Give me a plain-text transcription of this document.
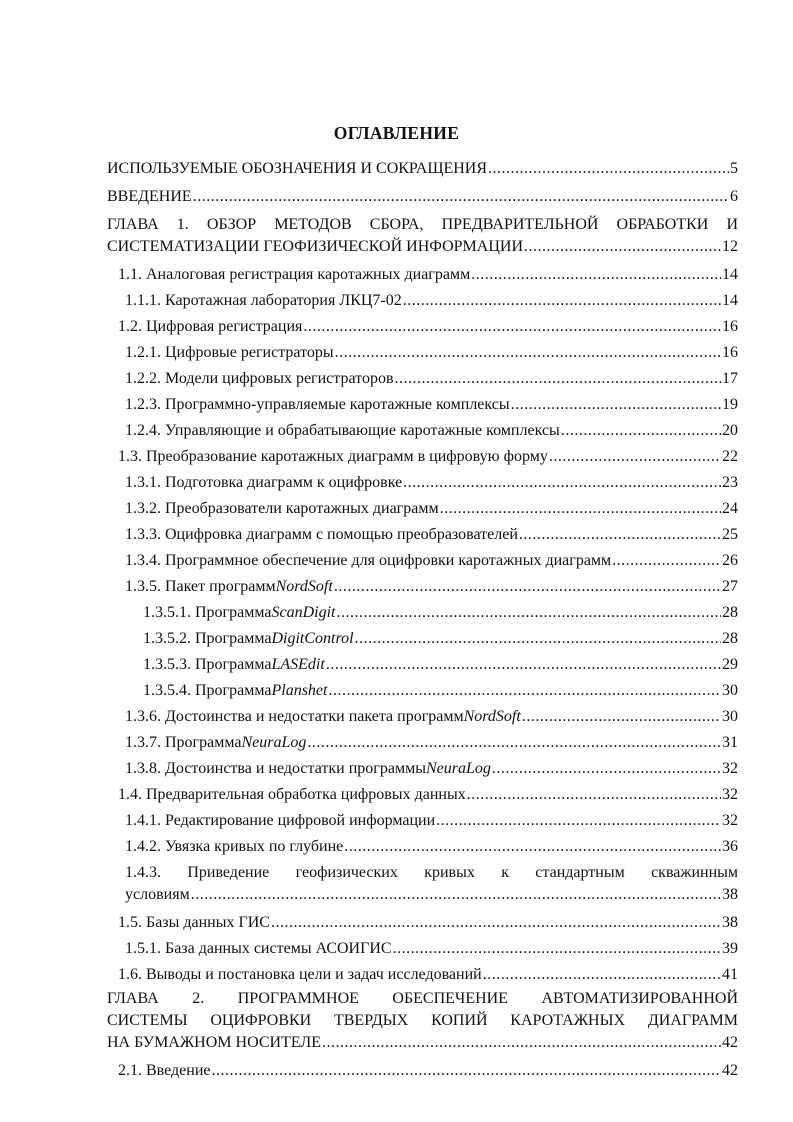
ОГЛАВЛЕНИЕ
ИСПОЛЬЗУЕМЫЕ ОБОЗНАЧЕНИЯ И СОКРАЩЕНИЯ .....	5
ВВЕДЕНИЕ .....	6
ГЛАВА 1. ОБЗОР МЕТОДОВ СБОРА, ПРЕДВАРИТЕЛЬНОЙ ОБРАБОТКИ И
СИСТЕМАТИЗАЦИИ ГЕОФИЗИЧЕСКОЙ ИНФОРМАЦИИ .....	12
1.1. Аналоговая регистрация каротажных диаграмм .....	14
1.1.1. Каротажная лаборатория ЛКЦ7-02 .....	14
1.2. Цифровая регистрация .....	16
1.2.1. Цифровые регистраторы .....	16
1.2.2. Модели цифровых регистраторов .....	17
1.2.3. Программно-управляемые каротажные комплексы .....	19
1.2.4. Управляющие и обрабатывающие каротажные комплексы .....	20
1.3. Преобразование каротажных диаграмм в цифровую форму .....	22
1.3.1. Подготовка диаграмм к оцифровке .....	23
1.3.2. Преобразователи каротажных диаграмм .....	24
1.3.3. Оцифровка диаграмм с помощью преобразователей .....	25
1.3.4. Программное обеспечение для оцифровки каротажных диаграмм .....	26
1.3.5. Пакет программ NordSoft .....	27
1.3.5.1. Программа ScanDigit .....	28
1.3.5.2. Программа DigitControl .....	28
1.3.5.3. Программа LASEdit .....	29
1.3.5.4. Программа Planshet .....	30
1.3.6. Достоинства и недостатки пакета программ NordSoft .....	30
1.3.7. Программа NeuraLog .....	31
1.3.8. Достоинства и недостатки программы NeuraLog .....	32
1.4. Предварительная обработка цифровых данных .....	32
1.4.1. Редактирование цифровой информации .....	32
1.4.2. Увязка кривых по глубине .....	36
1.4.3. Приведение геофизических кривых к стандартным скважинным
условиям .....	38
1.5. Базы данных ГИС .....	38
1.5.1. База данных системы АСОИГИС .....	39
1.6. Выводы и постановка цели и задач исследований .....	41
ГЛАВА 2. ПРОГРАММНОЕ ОБЕСПЕЧЕНИЕ АВТОМАТИЗИРОВАННОЙ
СИСТЕМЫ ОЦИФРОВКИ ТВЕРДЫХ КОПИЙ КАРОТАЖНЫХ ДИАГРАММ
НА БУМАЖНОМ НОСИТЕЛЕ .....	42
2.1. Введение .....	42
